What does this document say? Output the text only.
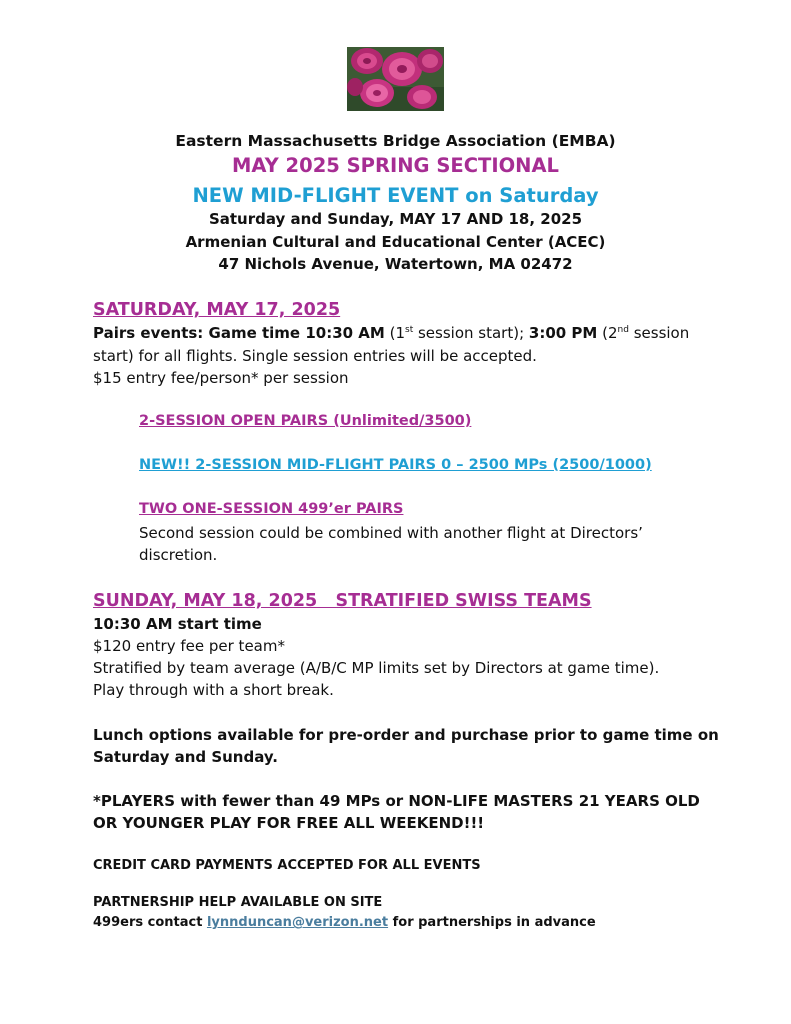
Eastern Massachusetts Bridge Association (EMBA)
MAY 2025 SPRING SECTIONAL
NEW MID-FLIGHT EVENT on Saturday
Saturday and Sunday, MAY 17 AND 18, 2025
Armenian Cultural and Educational Center (ACEC)
47 Nichols Avenue, Watertown, MA 02472
SATURDAY, MAY 17, 2025
Pairs events: Game time 10:30 AM (1st session start); 3:00 PM (2nd session
start) for all flights. Single session entries will be accepted.
$15 entry fee/person* per session
2-SESSION OPEN PAIRS (Unlimited/3500)
NEW!! 2-SESSION MID-FLIGHT PAIRS 0 – 2500 MPs (2500/1000)
TWO ONE-SESSION 499’er PAIRS
Second session could be combined with another flight at Directors’
discretion.
SUNDAY, MAY 18, 2025   STRATIFIED SWISS TEAMS
10:30 AM start time
$120 entry fee per team*
Stratified by team average (A/B/C MP limits set by Directors at game time).
Play through with a short break.
Lunch options available for pre-order and purchase prior to game time on
Saturday and Sunday.
*PLAYERS with fewer than 49 MPs or NON-LIFE MASTERS 21 YEARS OLD
OR YOUNGER PLAY FOR FREE ALL WEEKEND!!!
CREDIT CARD PAYMENTS ACCEPTED FOR ALL EVENTS
PARTNERSHIP HELP AVAILABLE ON SITE
499ers contact lynnduncan@verizon.net for partnerships in advance
